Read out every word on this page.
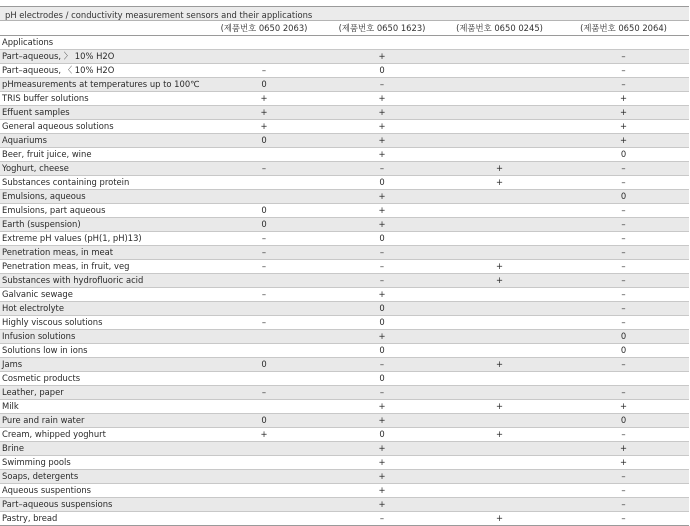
pH electrodes / conductivity measurement sensors and their applications
	(제품번호 0650 2063)	(제품번호 0650 1623)	(제품번호 0650 0245)	(제품번호 0650 2064)
Applications				
Part–aqueous, 〉 10% H2O		+		–
Part–aqueous, 〈 10% H2O	–	0		–
pHmeasurements at temperatures up to 100℃	0	–		–
TRIS buffer solutions	+	+		+
Effuent samples	+	+		+
General aqueous solutions	+	+		+
Aquariums	0	+		+
Beer, fruit juice, wine		+		0
Yoghurt, cheese	–	–	+	–
Substances containing protein		0	+	–
Emulsions, aqueous		+		0
Emulsions, part aqueous	0	+		–
Earth (suspension)	0	+		–
Extreme pH values (pH(1, pH)13)	–	0		–
Penetration meas, in meat	–	–		–
Penetration meas, in fruit, veg	–	–	+	–
Substances with hydrofluoric acid		–	+	–
Galvanic sewage	–	+		–
Hot electrolyte		0		–
Highly viscous solutions	–	0		–
Infusion solutions		+		0
Solutions low in ions		0		0
Jams	0	–	+	–
Cosmetic products		0		
Leather, paper	–	–		–
Milk		+	+	+
Pure and rain water	0	+		0
Cream, whipped yoghurt	+	0	+	–
Brine		+		+
Swimming pools		+		+
Soaps, detergents		+		–
Aqueous suspentions		+		–
Part–aqueous suspensions		+		–
Pastry, bread		–	+	–
